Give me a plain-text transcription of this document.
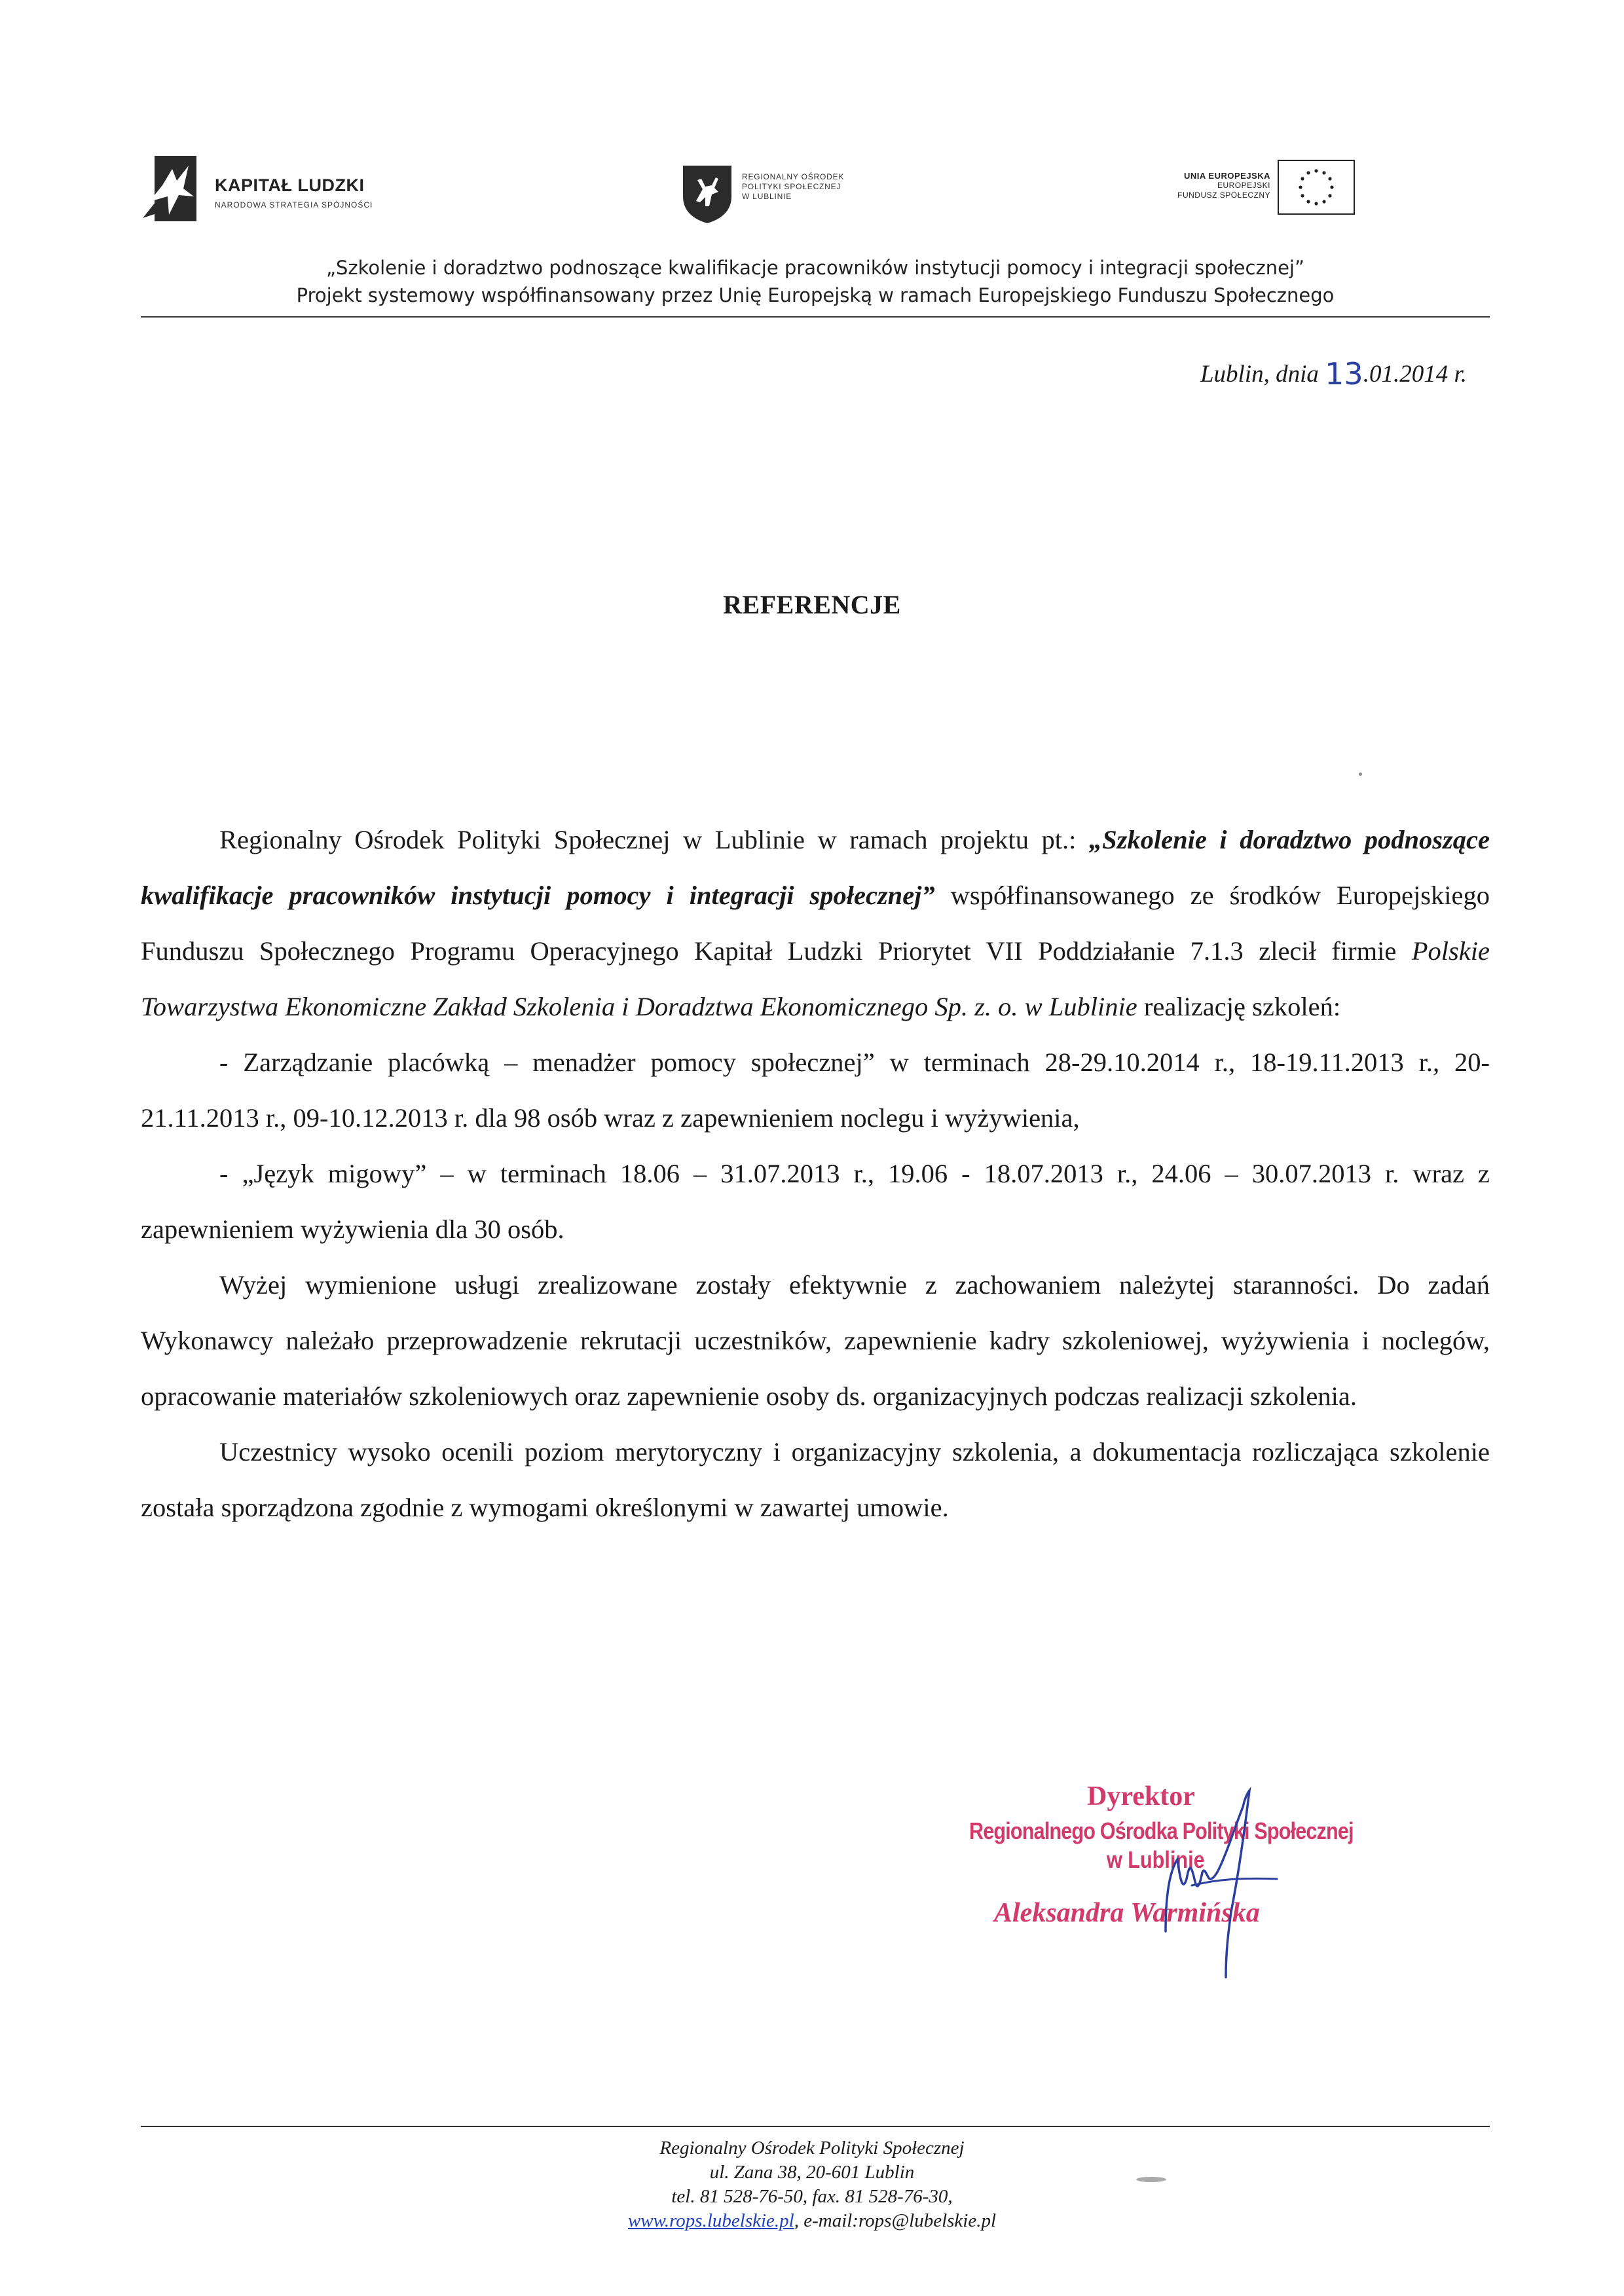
KAPITAŁ LUDZKI
NARODOWA STRATEGIA SPÓJNOŚCI
REGIONALNY OŚRODEK
POLITYKI SPOŁECZNEJ
W LUBLINIE
UNIA EUROPEJSKA
EUROPEJSKI
FUNDUSZ SPOŁECZNY
„Szkolenie i doradztwo podnoszące kwalifikacje pracowników instytucji pomocy i integracji społecznej”
Projekt systemowy współfinansowany przez Unię Europejską w ramach Europejskiego Funduszu Społecznego
Lublin, dnia 13.01.2014 r.
REFERENCJE

Regionalny Ośrodek Polityki Społecznej w Lublinie w ramach projektu pt.: „Szkolenie i doradztwo podnoszące kwalifikacje pracowników instytucji pomocy i integracji społecznej” współfinansowanego ze środków Europejskiego Funduszu Społecznego Programu Operacyjnego Kapitał Ludzki Priorytet VII Poddziałanie 7.1.3 zlecił firmie Polskie Towarzystwa Ekonomiczne Zakład Szkolenia i Doradztwa Ekonomicznego Sp. z. o. w Lublinie realizację szkoleń:

- Zarządzanie placówką – menadżer pomocy społecznej” w terminach 28-29.10.2014 r., 18-19.11.2013 r., 20-21.11.2013 r., 09-10.12.2013 r. dla 98 osób wraz z zapewnieniem noclegu i wyżywienia,

- „Język migowy” – w terminach 18.06 – 31.07.2013 r., 19.06 - 18.07.2013 r., 24.06 – 30.07.2013 r. wraz z zapewnieniem wyżywienia dla 30 osób.

Wyżej wymienione usługi zrealizowane zostały efektywnie z zachowaniem należytej staranności. Do zadań Wykonawcy należało przeprowadzenie rekrutacji uczestników, zapewnienie kadry szkoleniowej, wyżywienia i noclegów, opracowanie materiałów szkoleniowych oraz zapewnienie osoby ds. organizacyjnych podczas realizacji szkolenia.

Uczestnicy wysoko ocenili poziom merytoryczny i organizacyjny szkolenia, a dokumentacja rozliczająca szkolenie została sporządzona zgodnie z wymogami określonymi w zawartej umowie.

Dyrektor
Regionalnego Ośrodka Polityki Społecznej
w Lublinie
Aleksandra Warmińska
Regionalny Ośrodek Polityki Społecznej
ul. Zana 38, 20-601 Lublin
tel. 81 528-76-50, fax. 81 528-76-30,
www.rops.lubelskie.pl, e-mail:rops@lubelskie.pl
